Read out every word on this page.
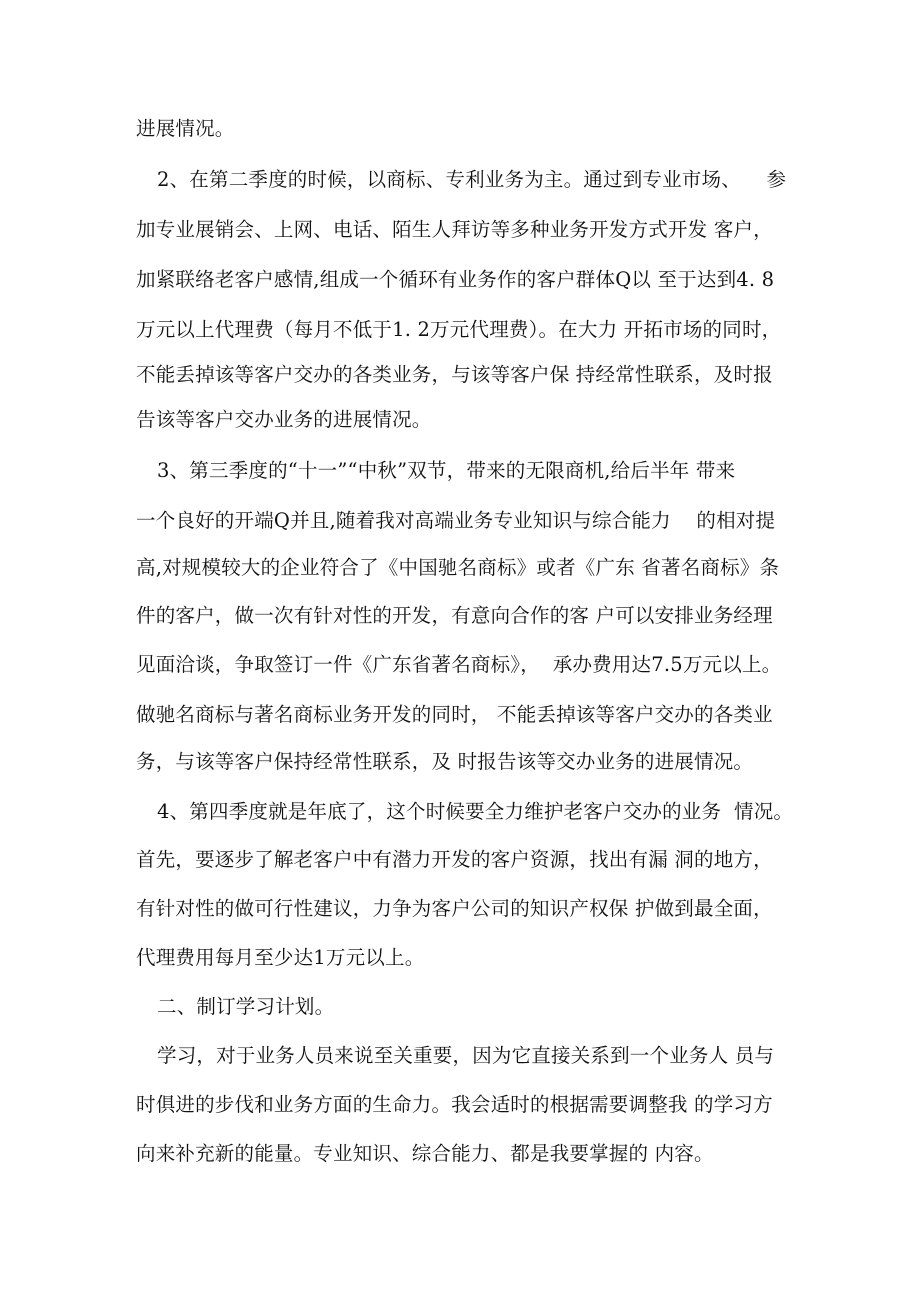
进展情况。
2、在第二季度的时候，以商标、专利业务为主。通过到专业市场、    参
加专业展销会、上网、电话、陌生人拜访等多种业务开发方式开发 客户，
加紧联络老客户感情,组成一个循环有业务作的客户群体Q以 至于达到4. 8
万元以上代理费（每月不低于1. 2万元代理费）。在大力 开拓市场的同时，
不能丢掉该等客户交办的各类业务，与该等客户保 持经常性联系，及时报
告该等客户交办业务的进展情况。
3、第三季度的“十一”“中秋”双节，带来的无限商机,给后半年 带来
一个良好的开端Q并且,随着我对高端业务专业知识与综合能力    的相对提
高,对规模较大的企业符合了《中国驰名商标》或者《广东 省著名商标》条
件的客户，做一次有针对性的开发，有意向合作的客 户可以安排业务经理
见面洽谈，争取签订一件《广东省著名商标》，  承办费用达7.5万元以上。
做驰名商标与著名商标业务开发的同时， 不能丢掉该等客户交办的各类业
务，与该等客户保持经常性联系，及 时报告该等交办业务的进展情况。
4、第四季度就是年底了，这个时候要全力维护老客户交办的业务  情况。
首先，要逐步了解老客户中有潜力开发的客户资源，找出有漏 洞的地方，
有针对性的做可行性建议，力争为客户公司的知识产权保 护做到最全面，
代理费用每月至少达1万元以上。
二、制订学习计划。
学习，对于业务人员来说至关重要，因为它直接关系到一个业务人 员与
时俱进的步伐和业务方面的生命力。我会适时的根据需要调整我 的学习方
向来补充新的能量。专业知识、综合能力、都是我要掌握的 内容。
